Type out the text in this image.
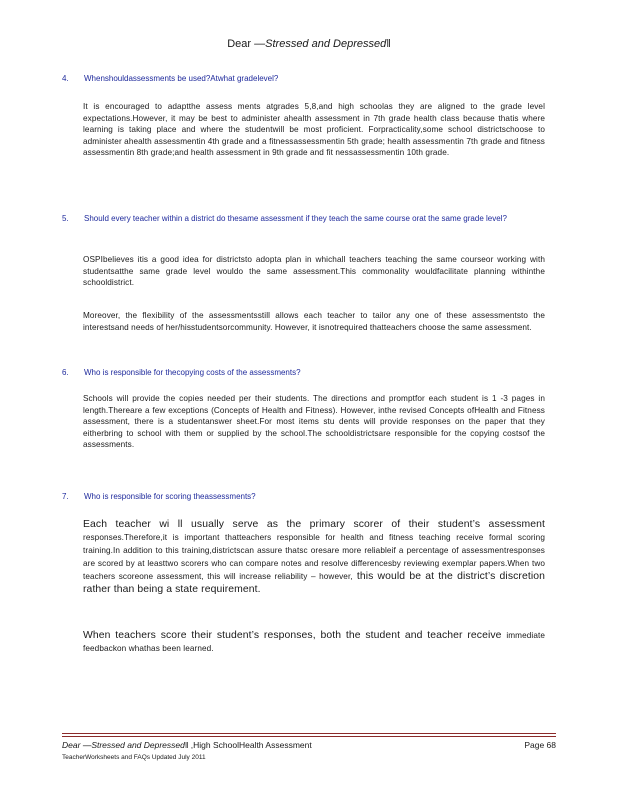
Dear —Stressed and Depressed‖
4. Whenshouldassessments be used?Atwhat gradelevel?
It is encouraged to adaptthe assess ments atgrades 5,8,and high schoolas they are aligned to the grade level expectations.However, it may be best to administer ahealth assessment in 7th grade health class because thatis where learning is taking place and where the studentwill be most proficient. Forpracticality,some school districtschoose to administer ahealth assessmentin 4th grade and a fitnessassessmentin 5th grade; health assessmentin 7th grade and fitness assessmentin 8th grade;and health assessment in 9th grade and fit nessassessmentin 10th grade.
5. Should every teacher within a district do thesame assessment if they teach the same course orat the same grade level?
OSPIbelieves itis a good idea for districtsto adopta plan in whichall teachers teaching the same courseor working with studentsatthe same grade level wouldo the same assessment.This commonality wouldfacilitate planning withinthe schooldistrict.
Moreover, the flexibility of the assessmentsstill allows each teacher to tailor any one of these assessmentsto the interestsand needs of her/hisstudentsorcommunity. However, it isnotrequired thatteachers choose the same assessment.
6. Who is responsible for thecopying costs of the assessments?
Schools will provide the copies needed per their students. The directions and promptfor each student is 1 -3 pages in length.Thereare a few exceptions (Concepts of Health and Fitness). However, inthe revised Concepts ofHealth and Fitness assessment, there is a studentanswer sheet.For most items stu dents will provide responses on the paper that they eitherbring to school with them or supplied by the school.The schooldistrictsare responsible for the copying costsof the assessments.
7. Who is responsible for scoring theassessments?
Each teacher wi ll usually serve as the primary scorer of their student’s assessment responses.Therefore,it is important thatteachers responsible for health and fitness teaching receive formal scoring training.In addition to this training,districtscan assure thatsc oresare more reliableif a percentage of assessmentresponses are scored by at leasttwo scorers who can compare notes and resolve differencesby reviewing exemplar papers.When two teachers scoreone assessment, this will increase reliability – however, this would be at the district’s discretion rather than being a state requirement.
When teachers score their student’s responses, both the student and teacher receive immediate feedbackon whathas been learned.
Dear —Stressed and Depressed‖ ,High SchoolHealth Assessment	Page 68
TeacherWorksheets and FAQs Updated July 2011
